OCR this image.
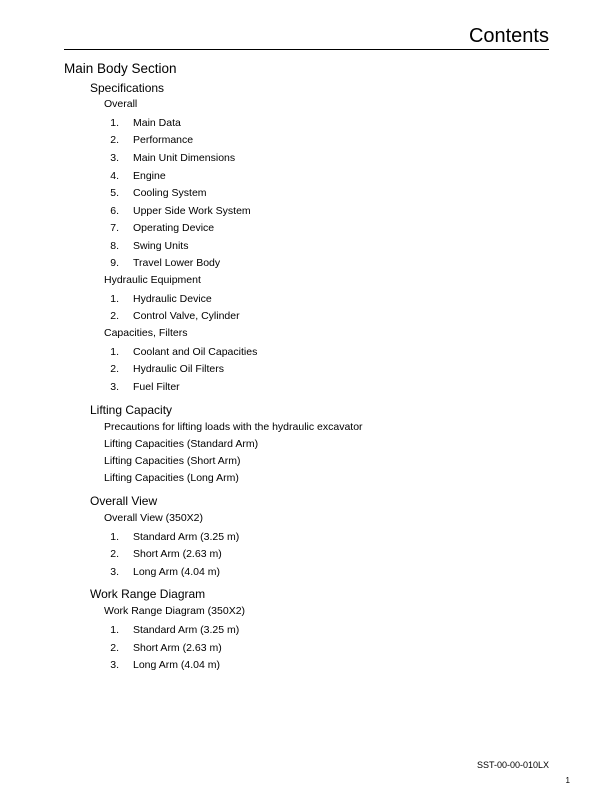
Contents
Main Body Section
Specifications
Overall
1. Main Data
2. Performance
3. Main Unit Dimensions
4. Engine
5. Cooling System
6. Upper Side Work System
7. Operating Device
8. Swing Units
9. Travel Lower Body
Hydraulic Equipment
1. Hydraulic Device
2. Control Valve, Cylinder
Capacities, Filters
1. Coolant and Oil Capacities
2. Hydraulic Oil Filters
3. Fuel Filter
Lifting Capacity
Precautions for lifting loads with the hydraulic excavator
Lifting Capacities (Standard Arm)
Lifting Capacities (Short Arm)
Lifting Capacities (Long Arm)
Overall View
Overall View (350X2)
1. Standard Arm (3.25 m)
2. Short Arm (2.63 m)
3. Long Arm (4.04 m)
Work Range Diagram
Work Range Diagram (350X2)
1. Standard Arm (3.25 m)
2. Short Arm (2.63 m)
3. Long Arm (4.04 m)
SST-00-00-010LX
1
